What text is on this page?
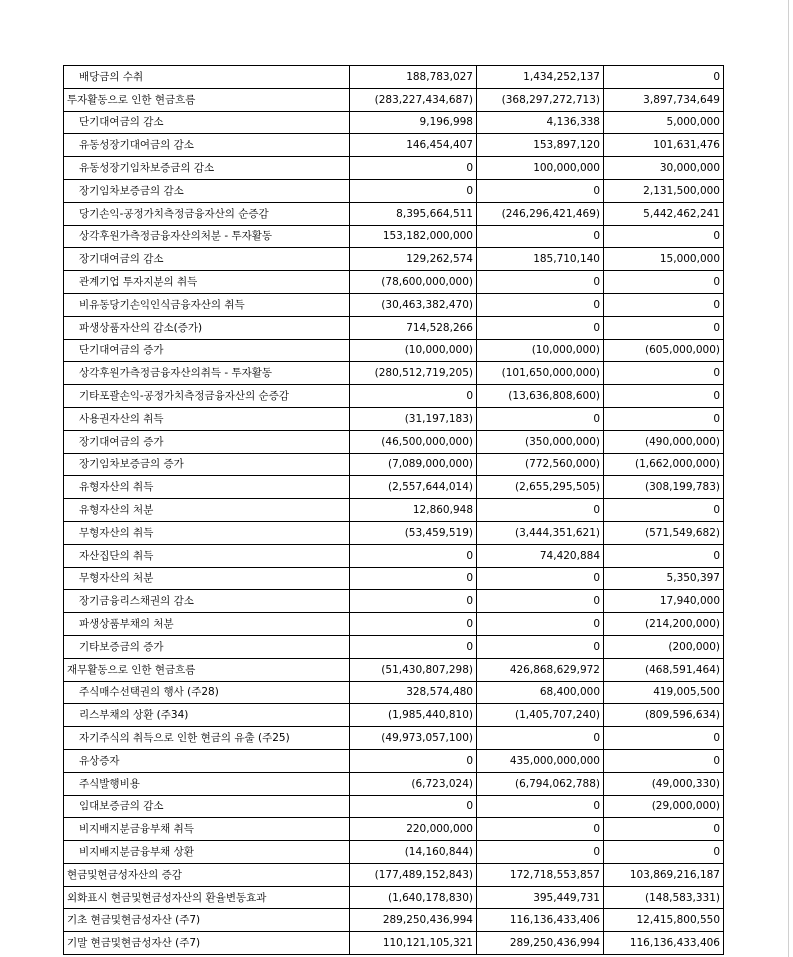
배당금의 수취	188,783,027	1,434,252,137	0
투자활동으로 인한 현금흐름	(283,227,434,687)	(368,297,272,713)	3,897,734,649
단기대여금의 감소	9,196,998	4,136,338	5,000,000
유동성장기대여금의 감소	146,454,407	153,897,120	101,631,476
유동성장기임차보증금의 감소	0	100,000,000	30,000,000
장기임차보증금의 감소	0	0	2,131,500,000
당기손익-공정가치측정금융자산의 순증감	8,395,664,511	(246,296,421,469)	5,442,462,241
상각후원가측정금융자산의처분 - 투자활동	153,182,000,000	0	0
장기대여금의 감소	129,262,574	185,710,140	15,000,000
관계기업 투자지분의 취득	(78,600,000,000)	0	0
비유동당기손익인식금융자산의 취득	(30,463,382,470)	0	0
파생상품자산의 감소(증가)	714,528,266	0	0
단기대여금의 증가	(10,000,000)	(10,000,000)	(605,000,000)
상각후원가측정금융자산의취득 - 투자활동	(280,512,719,205)	(101,650,000,000)	0
기타포괄손익-공정가치측정금융자산의 순증감	0	(13,636,808,600)	0
사용권자산의 취득	(31,197,183)	0	0
장기대여금의 증가	(46,500,000,000)	(350,000,000)	(490,000,000)
장기임차보증금의 증가	(7,089,000,000)	(772,560,000)	(1,662,000,000)
유형자산의 취득	(2,557,644,014)	(2,655,295,505)	(308,199,783)
유형자산의 처분	12,860,948	0	0
무형자산의 취득	(53,459,519)	(3,444,351,621)	(571,549,682)
자산집단의 취득	0	74,420,884	0
무형자산의 처분	0	0	5,350,397
장기금융리스채권의 감소	0	0	17,940,000
파생상품부채의 처분	0	0	(214,200,000)
기타보증금의 증가	0	0	(200,000)
재무활동으로 인한 현금흐름	(51,430,807,298)	426,868,629,972	(468,591,464)
주식매수선택권의 행사 (주28)	328,574,480	68,400,000	419,005,500
리스부채의 상환 (주34)	(1,985,440,810)	(1,405,707,240)	(809,596,634)
자기주식의 취득으로 인한 현금의 유출 (주25)	(49,973,057,100)	0	0
유상증자	0	435,000,000,000	0
주식발행비용	(6,723,024)	(6,794,062,788)	(49,000,330)
임대보증금의 감소	0	0	(29,000,000)
비지배지분금융부채 취득	220,000,000	0	0
비지배지분금융부채 상환	(14,160,844)	0	0
현금및현금성자산의 증감	(177,489,152,843)	172,718,553,857	103,869,216,187
외화표시 현금및현금성자산의 환율변동효과	(1,640,178,830)	395,449,731	(148,583,331)
기초 현금및현금성자산 (주7)	289,250,436,994	116,136,433,406	12,415,800,550
기말 현금및현금성자산 (주7)	110,121,105,321	289,250,436,994	116,136,433,406
